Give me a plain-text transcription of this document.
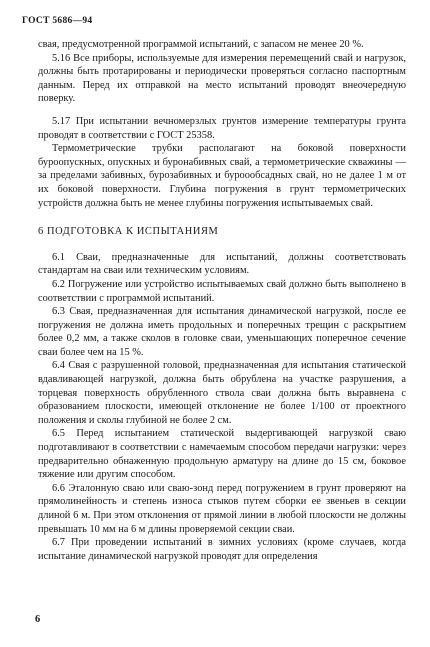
ГОСТ 5686—94

свая, предусмотренной программой испытаний, с запасом не менее 20 %.

5.16 Все приборы, используемые для измерения перемещений свай и нагрузок, должны быть протарированы и периодически проверяться согласно паспортным данным. Перед их отправкой на место испытаний проводят внеочередную поверку.

5.17 При испытании вечномерзлых грунтов измерение температуры грунта проводят в соответствии с ГОСТ 25358.

Термометрические трубки располагают на боковой поверхности буроопускных, опускных и буронабивных свай, а термометрические скважины — за пределами забивных, бурозабивных и буроообсадных свай, но не далее 1 м от их боковой поверхности. Глубина погружения в грунт термометрических устройств должна быть не менее глубины погружения испытываемых свай.

6 ПОДГОТОВКА К ИСПЫТАНИЯМ

6.1 Сваи, предназначенные для испытаний, должны соответствовать стандартам на сваи или техническим условиям.

6.2 Погружение или устройство испытываемых свай должно быть выполнено в соответствии с программой испытаний.

6.3 Свая, предназначенная для испытания динамической нагрузкой, после ее погружения не должна иметь продольных и поперечных трещин с раскрытием более 0,2 мм, а также сколов в головке сваи, уменьшающих поперечное сечение сваи более чем на 15 %.

6.4 Свая с разрушенной головой, предназначенная для испытания статической вдавливающей нагрузкой, должна быть обрублена на участке разрушения, а торцевая поверхность обрубленного ствола сваи должна быть выравнена с образованием плоскости, имеющей отклонение не более 1/100 от проектного положения и сколы глубиной не более 2 см.

6.5 Перед испытанием статической выдергивающей нагрузкой сваю подготавливают в соответствии с намечаемым способом передачи нагрузки: через предварительно обнаженную продольную арматуру на длине до 15 см, боковое тяжение или другим способом.

6.6 Эталонную сваю или сваю-зонд перед погружением в грунт проверяют на прямолинейность и степень износа стыков путем сборки ее звеньев в секции длиной 6 м. При этом отклонения от прямой линии в любой плоскости не должны превышать 10 мм на 6 м длины проверяемой секции сваи.

6.7 При проведении испытаний в зимних условиях (кроме случаев, когда испытание динамической нагрузкой проводят для определения

6
